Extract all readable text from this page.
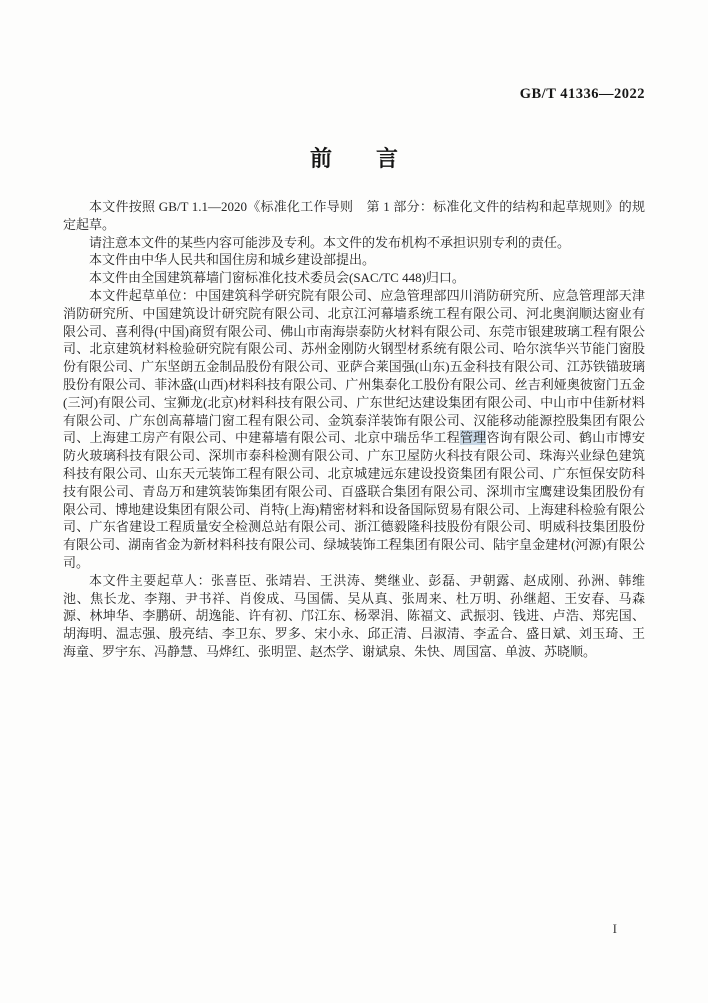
GB/T 41336—2022
前　　言

本文件按照 GB/T 1.1—2020《标准化工作导则　第 1 部分：标准化文件的结构和起草规则》的规定起草。

请注意本文件的某些内容可能涉及专利。本文件的发布机构不承担识别专利的责任。

本文件由中华人民共和国住房和城乡建设部提出。

本文件由全国建筑幕墙门窗标准化技术委员会(SAC/TC 448)归口。

本文件起草单位：中国建筑科学研究院有限公司、应急管理部四川消防研究所、应急管理部天津消防研究所、中国建筑设计研究院有限公司、北京江河幕墙系统工程有限公司、河北奥润顺达窗业有限公司、喜利得(中国)商贸有限公司、佛山市南海崇泰防火材料有限公司、东莞市银建玻璃工程有限公司、北京建筑材料检验研究院有限公司、苏州金刚防火钢型材系统有限公司、哈尔滨华兴节能门窗股份有限公司、广东坚朗五金制品股份有限公司、亚萨合莱国强(山东)五金科技有限公司、江苏铁锚玻璃股份有限公司、菲沐盛(山西)材料科技有限公司、广州集泰化工股份有限公司、丝吉利娅奥彼窗门五金(三河)有限公司、宝狮龙(北京)材料科技有限公司、广东世纪达建设集团有限公司、中山市中佳新材料有限公司、广东创高幕墙门窗工程有限公司、金筑泰洋装饰有限公司、汉能移动能源控股集团有限公司、上海建工房产有限公司、中建幕墙有限公司、北京中瑞岳华工程管理咨询有限公司、鹤山市博安防火玻璃科技有限公司、深圳市泰科检测有限公司、广东卫屋防火科技有限公司、珠海兴业绿色建筑科技有限公司、山东天元装饰工程有限公司、北京城建远东建设投资集团有限公司、广东恒保安防科技有限公司、青岛万和建筑装饰集团有限公司、百盛联合集团有限公司、深圳市宝鹰建设集团股份有限公司、博地建设集团有限公司、肖特(上海)精密材料和设备国际贸易有限公司、上海建科检验有限公司、广东省建设工程质量安全检测总站有限公司、浙江德毅隆科技股份有限公司、明威科技集团股份有限公司、湖南省金为新材料科技有限公司、绿城装饰工程集团有限公司、陆宇皇金建材(河源)有限公司。

本文件主要起草人：张喜臣、张靖岩、王洪涛、樊继业、彭磊、尹朝露、赵成刚、孙洲、韩维池、焦长龙、李翔、尹书祥、肖俊成、马国儒、吴从真、张周来、杜万明、孙继超、王安春、马森源、林坤华、李鹏研、胡逸能、许有初、邝江东、杨翠涓、陈福文、武振羽、钱进、卢浩、郑宪国、胡海明、温志强、殷亮结、李卫东、罗多、宋小永、邱正清、吕淑清、李孟合、盛日斌、刘玉琦、王海童、罗宇东、冯静慧、马烨红、张明罡、赵杰学、谢斌泉、朱快、周国富、单波、苏晓顺。

I
